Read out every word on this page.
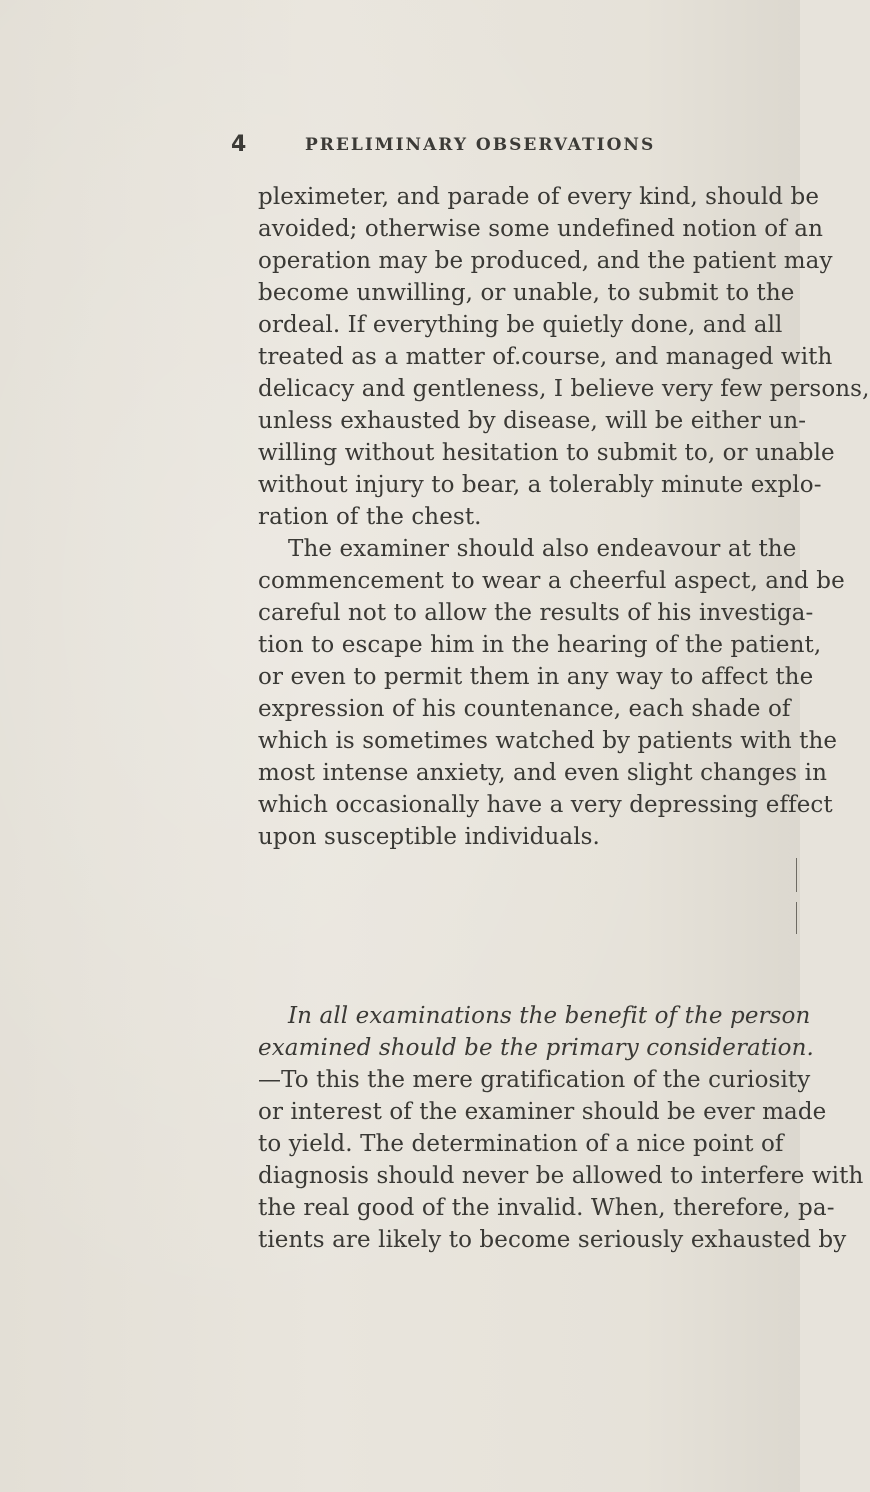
4	PRELIMINARY OBSERVATIONS
pleximeter, and parade of every kind, should be
avoided; otherwise some undefined notion of an
operation may be produced, and the patient may
become unwilling, or unable, to submit to the
ordeal. If everything be quietly done, and all
treated as a matter of.course, and managed with
delicacy and gentleness, I believe very few persons,
unless exhausted by disease, will be either un-
willing without hesitation to submit to, or unable
without injury to bear, a tolerably minute explo-
ration of the chest.
The examiner should also endeavour at the
commencement to wear a cheerful aspect, and be
careful not to allow the results of his investiga-
tion to escape him in the hearing of the patient,
or even to permit them in any way to affect the
expression of his countenance, each shade of
which is sometimes watched by patients with the
most intense anxiety, and even slight changes in
which occasionally have a very depressing effect
upon susceptible individuals.
In all examinations the benefit of the person
examined should be the primary consideration.
—To this the mere gratification of the curiosity
or interest of the examiner should be ever made
to yield. The determination of a nice point of
diagnosis should never be allowed to interfere with
the real good of the invalid. When, therefore, pa-
tients are likely to become seriously exhausted by
